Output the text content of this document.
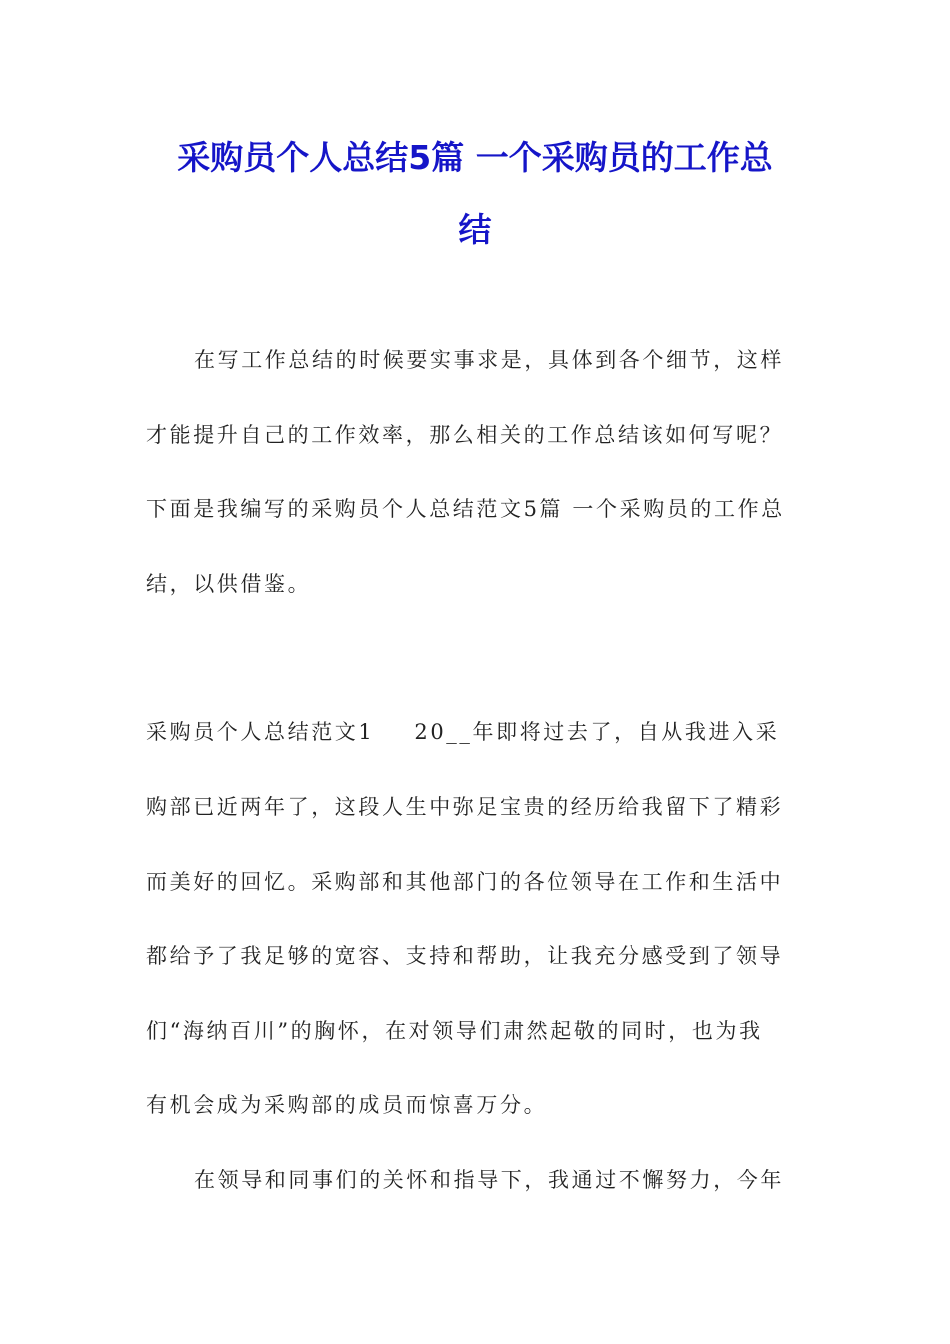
采购员个人总结5篇 一个采购员的工作总
结
在写工作总结的时候要实事求是，具体到各个细节，这样
才能提升自己的工作效率，那么相关的工作总结该如何写呢？
下面是我编写的采购员个人总结范文5篇 一个采购员的工作总
结，以供借鉴。
采购员个人总结范文1 20__年即将过去了，自从我进入采
购部已近两年了，这段人生中弥足宝贵的经历给我留下了精彩
而美好的回忆。采购部和其他部门的各位领导在工作和生活中
都给予了我足够的宽容、支持和帮助，让我充分感受到了领导
们“海纳百川”的胸怀，在对领导们肃然起敬的同时，也为我
有机会成为采购部的成员而惊喜万分。
在领导和同事们的关怀和指导下，我通过不懈努力，今年
